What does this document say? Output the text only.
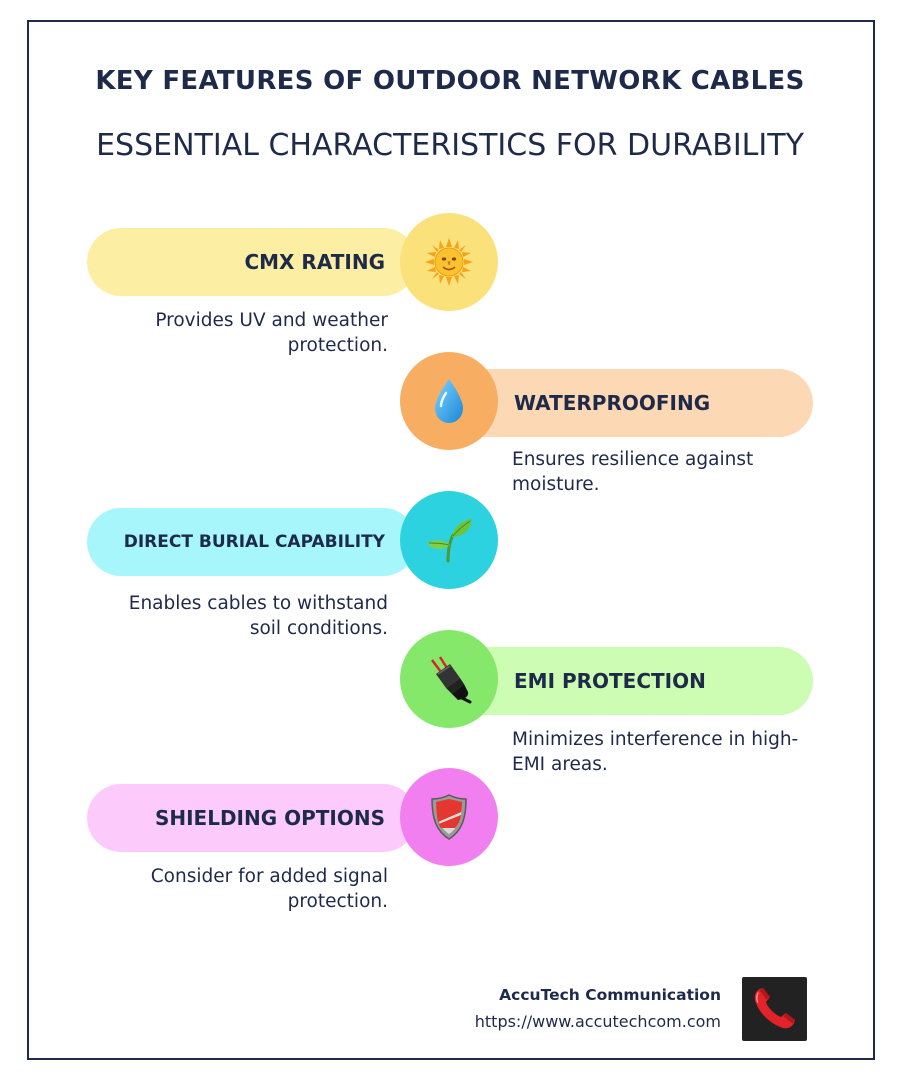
KEY FEATURES OF OUTDOOR NETWORK CABLES
ESSENTIAL CHARACTERISTICS FOR DURABILITY
CMX RATING
Provides UV and weather protection.
WATERPROOFING
Ensures resilience against moisture.
DIRECT BURIAL CAPABILITY
Enables cables to withstand soil conditions.
EMI PROTECTION
Minimizes interference in high-EMI areas.
SHIELDING OPTIONS
Consider for added signal protection.
AccuTech Communication
https://www.accutechcom.com
